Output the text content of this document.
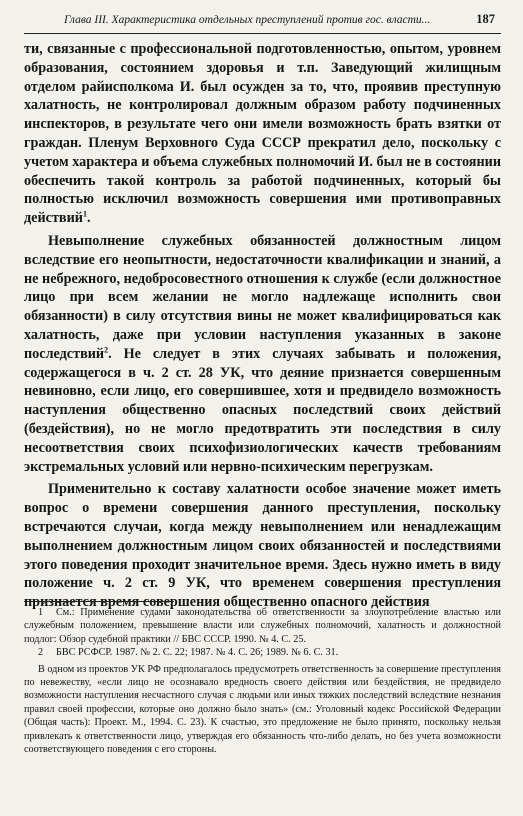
Глава III. Характеристика отдельных преступлений против гос. власти...	187

ти, связанные с профессиональной подготовленностью, опытом, уровнем образования, состоянием здоровья и т.п. Заведующий жилищным отделом райисполкома И. был осужден за то, что, проявив преступную халатность, не контролировал должным образом работу подчиненных инспекторов, в результате чего они имели возможность брать взятки от граждан. Пленум Верховного Суда СССР прекратил дело, поскольку с учетом характера и объема служебных полномочий И. был не в состоянии обеспечить такой контроль за работой подчиненных, который бы полностью исключил возможность совершения ими противоправных действий$^1$.

Невыполнение служебных обязанностей должностным лицом вследствие его неопытности, недостаточности квалификации и знаний, а не небрежного, недобросовестного отношения к службе (если должностное лицо при всем желании не могло надлежаще исполнить свои обязанности) в силу отсутствия вины не может квалифицироваться как халатность, даже при условии наступления указанных в законе последствий$^2$. Не следует в этих случаях забывать и положения, содержащегося в ч. 2 ст. 28 УК, что деяние признается совершенным невиновно, если лицо, его совершившее, хотя и предвидело возможность наступления общественно опасных последствий своих действий (бездействия), но не могло предотвратить эти последствия в силу несоответствия своих психофизиологических качеств требованиям экстремальных условий или нервно-психическим перегрузкам.

Применительно к составу халатности особое значение может иметь вопрос о времени совершения данного преступления, поскольку встречаются случаи, когда между невыполнением или ненадлежащим выполнением должностным лицом своих обязанностей и последствиями этого поведения проходит значительное время. Здесь нужно иметь в виду положение ч. 2 ст. 9 УК, что временем совершения преступления признается время совершения общественно опасного действия

1 См.: Применение судами законодательства об ответственности за злоупотребление властью или служебным положением, превышение власти или служебных полномочий, халатность и должностной подлог: Обзор судебной практики // БВС СССР. 1990. № 4. С. 25.

2 БВС РСФСР. 1987. № 2. С. 22; 1987. № 4. С. 26; 1989. № 6. С. 31.

В одном из проектов УК РФ предполагалось предусмотреть ответственность за совершение преступления по невежеству, «если лицо не осознавало вредность своего действия или бездействия, не предвидело возможности наступления несчастного случая с людьми или иных тяжких последствий вследствие незнания правил своей профессии, которые оно должно было знать» (см.: Уголовный кодекс Российской Федерации (Общая часть): Проект. М., 1994. С. 23). К счастью, это предложение не было принято, поскольку нельзя привлекать к ответственности лицо, утверждая его обязанность что-либо делать, но без учета возможности соответствующего поведения с его стороны.
